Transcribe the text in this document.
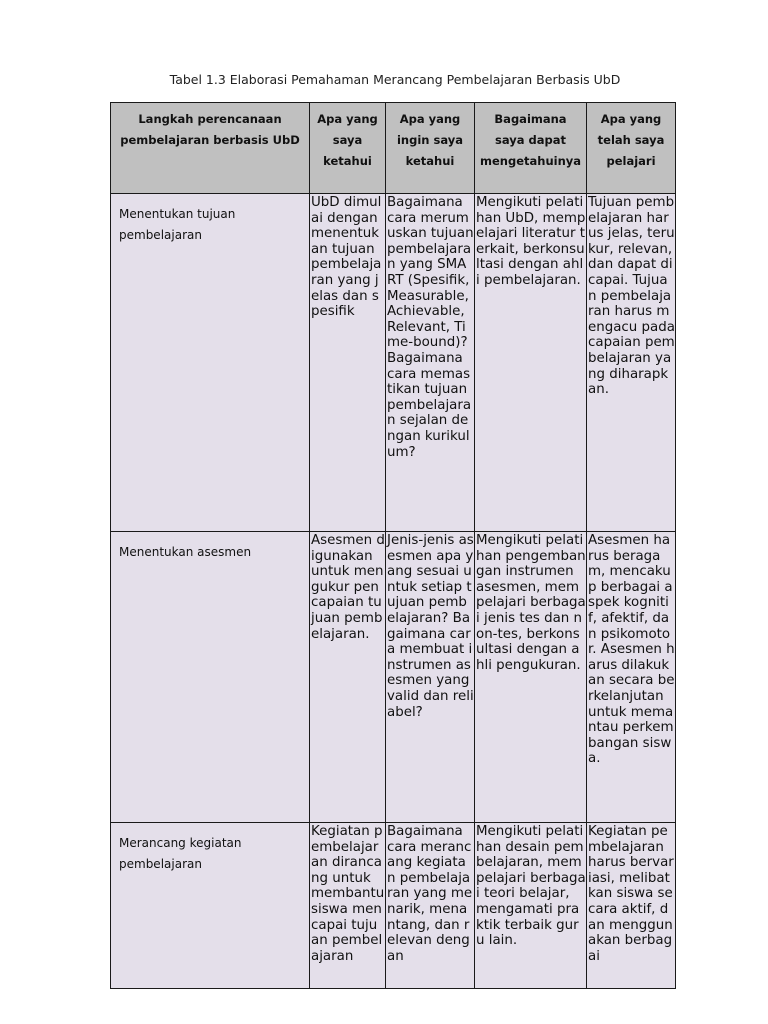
Tabel 1.3 Elaborasi Pemahaman Merancang Pembelajaran Berbasis UbD
Langkah perencanaan pembelajaran berbasis UbD	Apa yang saya ketahui	Apa yang ingin saya ketahui	Bagaimana saya dapat mengetahuinya	Apa yang telah saya pelajari
Menentukan tujuan pembelajaran	UbD dimulai dengan menentukan tujuan pembelajaran yang jelas dan spesifik	Bagaimana cara merumuskan tujuan pembelajaran yang SMART (Spesifik, Measurable, Achievable, Relevant, Time-bound)? Bagaimana cara memastikan tujuan pembelajaran sejalan dengan kurikulum?	Mengikuti pelatihan UbD, mempelajari literatur terkait, berkonsultasi dengan ahli pembelajaran.	Tujuan pembelajaran harus jelas, terukur, relevan, dan dapat dicapai. Tujuan pembelajaran harus mengacu pada capaian pembelajaran yang diharapkan.
Menentukan asesmen	Asesmen digunakan untuk mengukur pencapaian tujuan pembelajaran.	Jenis-jenis asesmen apa yang sesuai untuk setiap tujuan pembelajaran? Bagaimana cara membuat instrumen asesmen yang valid dan reliabel?	Mengikuti pelatihan pengembangan instrumen asesmen, mempelajari berbagai jenis tes dan non-tes, berkonsultasi dengan ahli pengukuran.	Asesmen harus beragam, mencakup berbagai aspek kognitif, afektif, dan psikomotor. Asesmen harus dilakukan secara berkelanjutan untuk memantau perkembangan siswa.

Merancang kegiatan pembelajaran	Kegiatan pembelajaran dirancang untuk membantu siswa mencapai tujuan pembelajaran	Bagaimana cara merancang kegiatan pembelajaran yang menarik, menantang, dan relevan dengan	Mengikuti pelatihan desain pembelajaran, mempelajari berbagai teori belajar, mengamati praktik terbaik guru lain.	Kegiatan pembelajaran harus bervariasi, melibatkan siswa secara aktif, dan menggunakan berbagai
